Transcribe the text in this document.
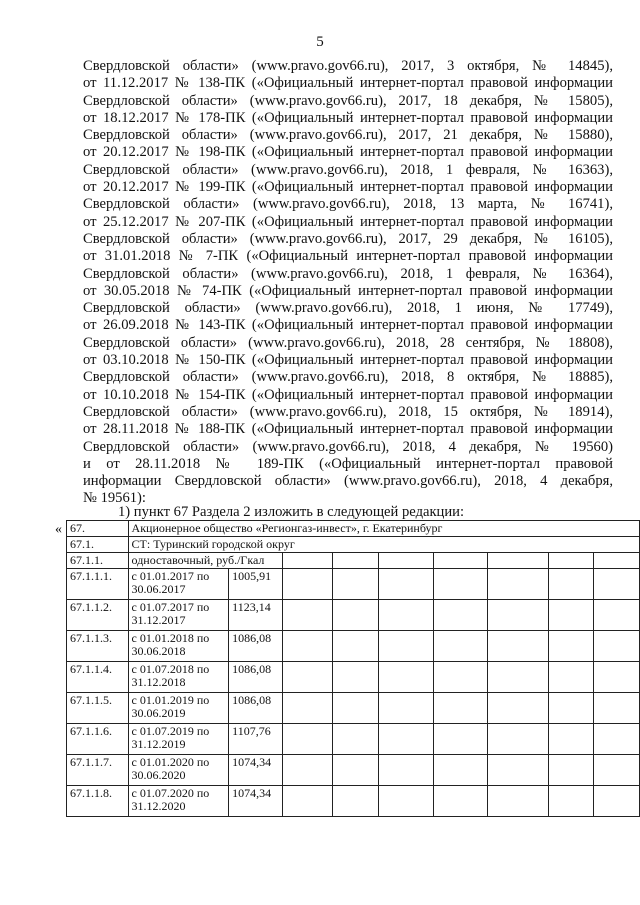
5
Свердловской области» (www.pravo.gov66.ru), 2017, 3 октября, № 14845),
от 11.12.2017 № 138-ПК («Официальный интернет-портал правовой информации
Свердловской области» (www.pravo.gov66.ru), 2017, 18 декабря, № 15805),
от 18.12.2017 № 178-ПК («Официальный интернет-портал правовой информации
Свердловской области» (www.pravo.gov66.ru), 2017, 21 декабря, № 15880),
от 20.12.2017 № 198-ПК («Официальный интернет-портал правовой информации
Свердловской области» (www.pravo.gov66.ru), 2018, 1 февраля, № 16363),
от 20.12.2017 № 199-ПК («Официальный интернет-портал правовой информации
Свердловской области» (www.pravo.gov66.ru), 2018, 13 марта, № 16741),
от 25.12.2017 № 207-ПК («Официальный интернет-портал правовой информации
Свердловской области» (www.pravo.gov66.ru), 2017, 29 декабря, № 16105),
от 31.01.2018 № 7-ПК («Официальный интернет-портал правовой информации
Свердловской области» (www.pravo.gov66.ru), 2018, 1 февраля, № 16364),
от 30.05.2018 № 74-ПК («Официальный интернет-портал правовой информации
Свердловской области» (www.pravo.gov66.ru), 2018, 1 июня, № 17749),
от 26.09.2018 № 143-ПК («Официальный интернет-портал правовой информации
Свердловской области» (www.pravo.gov66.ru), 2018, 28 сентября, № 18808),
от 03.10.2018 № 150-ПК («Официальный интернет-портал правовой информации
Свердловской области» (www.pravo.gov66.ru), 2018, 8 октября, № 18885),
от 10.10.2018 № 154-ПК («Официальный интернет-портал правовой информации
Свердловской области» (www.pravo.gov66.ru), 2018, 15 октября, № 18914),
от 28.11.2018 № 188-ПК («Официальный интернет-портал правовой информации
Свердловской области» (www.pravo.gov66.ru), 2018, 4 декабря, № 19560)
и от 28.11.2018 № 189-ПК («Официальный интернет-портал правовой
информации Свердловской области» (www.pravo.gov66.ru), 2018, 4 декабря,
№ 19561):
1) пункт 67 Раздела 2 изложить в следующей редакции:
« 67.	Акционерное общество «Регионгаз-инвест», г. Екатеринбург								
67.1.	СТ: Туринский городской округ								
67.1.1.	одноставочный, руб./Гкал								
67.1.1.1.	с 01.01.2017 по
30.06.2017	1005,91							
67.1.1.2.	с 01.07.2017 по
31.12.2017	1123,14							
67.1.1.3.	с 01.01.2018 по
30.06.2018	1086,08							
67.1.1.4.	с 01.07.2018 по
31.12.2018	1086,08							
67.1.1.5.	с 01.01.2019 по
30.06.2019	1086,08							
67.1.1.6.	с 01.07.2019 по
31.12.2019	1107,76							
67.1.1.7.	с 01.01.2020 по
30.06.2020	1074,34							
67.1.1.8.	с 01.07.2020 по
31.12.2020	1074,34							
